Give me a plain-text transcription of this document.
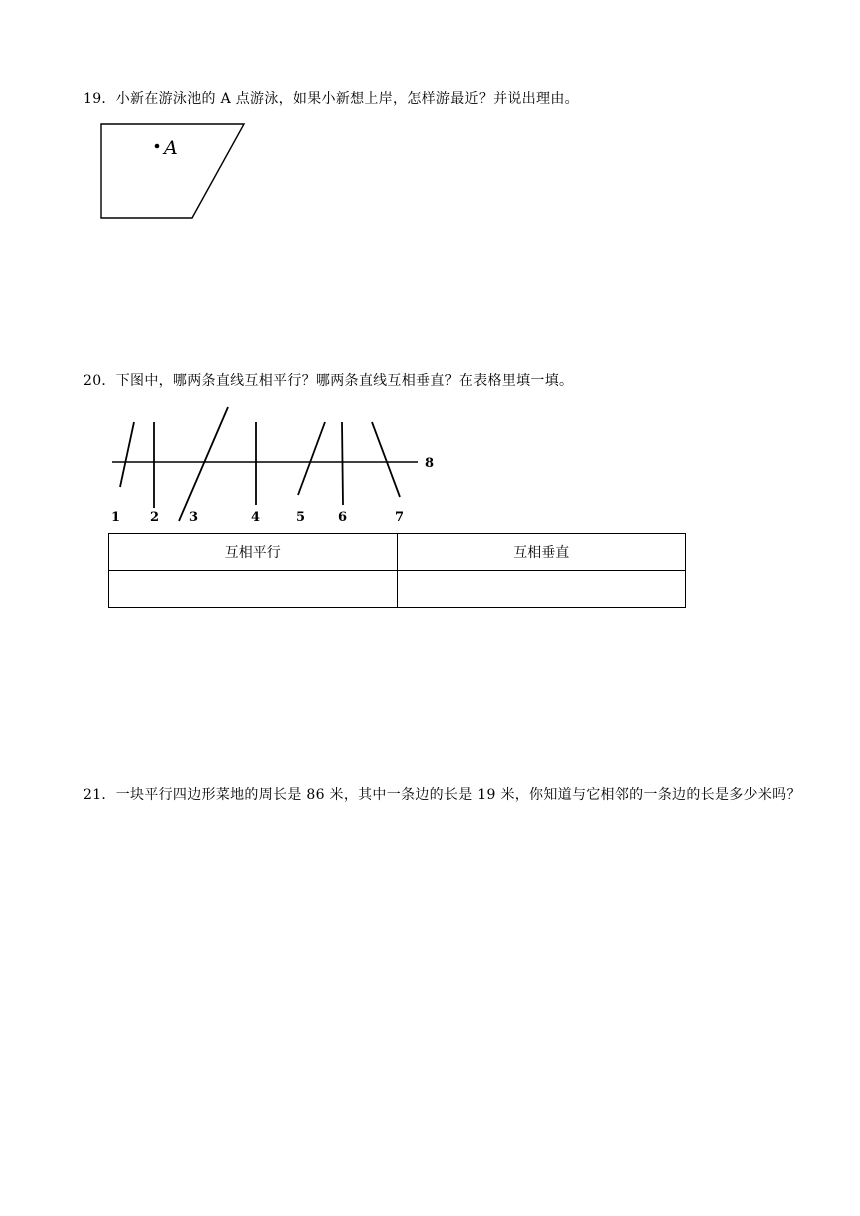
19．小新在游泳池的 A 点游泳，如果小新想上岸，怎样游最近？并说出理由。
A
20．下图中，哪两条直线互相平行？哪两条直线互相垂直？在表格里填一填。
1 2 3	4	5	6	7
8
互相平行	互相垂直

21．一块平行四边形菜地的周长是 86 米，其中一条边的长是 19 米，你知道与它相邻的一条边的长是多少米吗？
